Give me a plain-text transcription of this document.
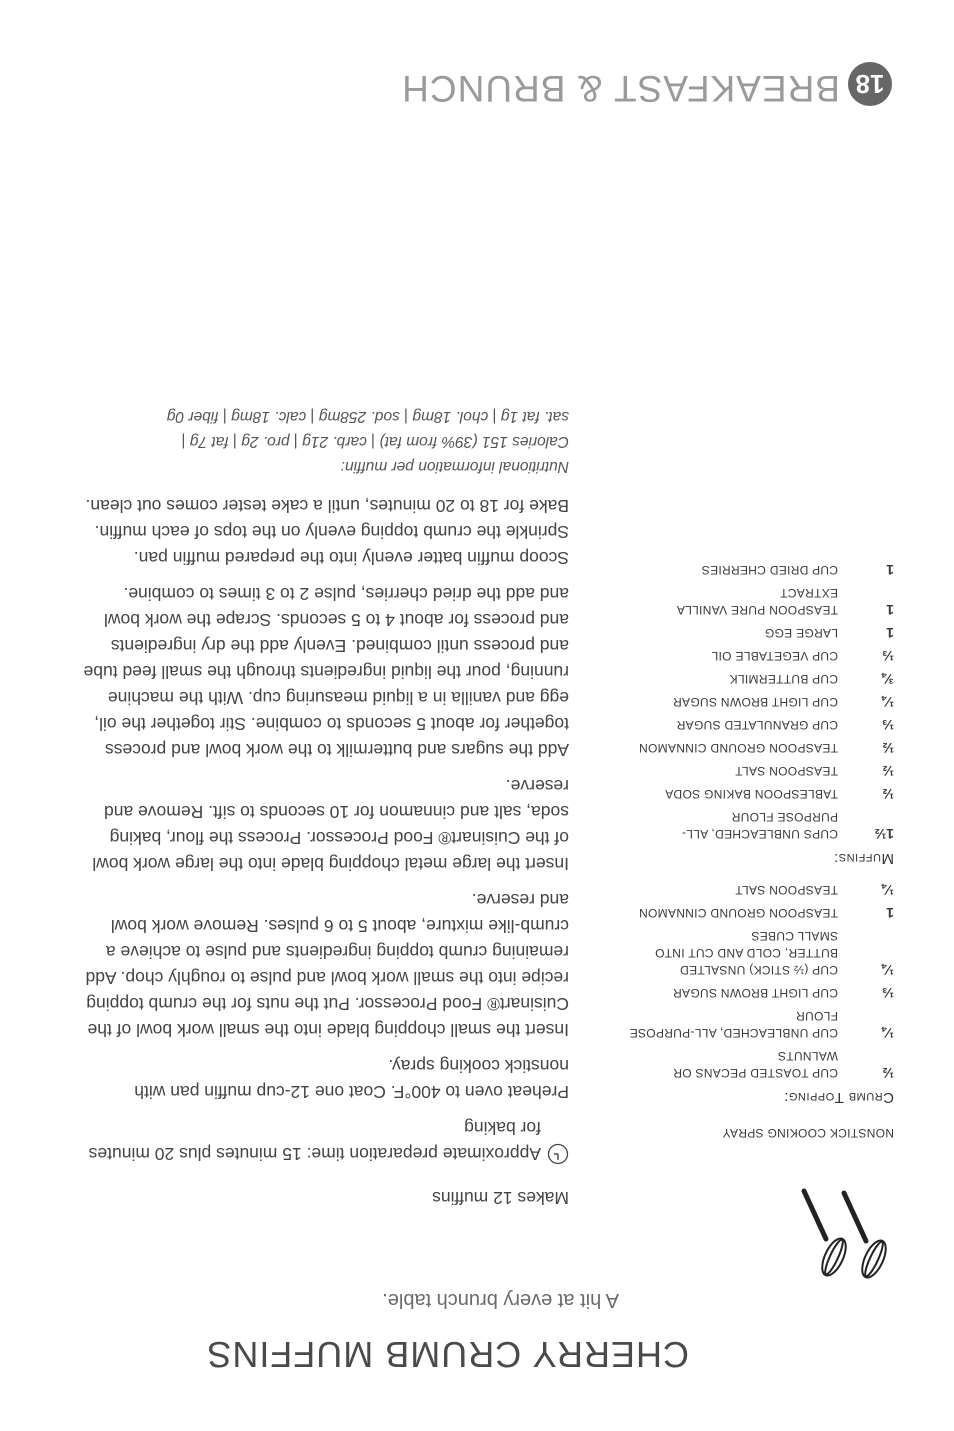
18
BREAKFAST & BRUNCH
NONSTICK COOKING SPRAY
Crumb Topping:
½
CUP TOASTED PECANS OR WALNUTS
¼
CUP UNBLEACHED, ALL-PURPOSE FLOUR
⅓
CUP LIGHT BROWN SUGAR
¼
CUP (½ STICK) UNSALTED BUTTER, COLD AND CUT INTO SMALL CUBES
1
TEASPOON GROUND CINNAMON
¼
TEASPOON SALT
Muffins:
1½
CUPS UNBLEACHED, ALL-PURPOSE FLOUR
½
TABLESPOON BAKING SODA
½
TEASPOON SALT
½
TEASPOON GROUND CINNAMON
⅓
CUP GRANULATED SUGAR
¼
CUP LIGHT BROWN SUGAR
¾
CUP BUTTERMILK
⅓
CUP VEGETABLE OIL
1
LARGE EGG
1
TEASPOON PURE VANILLA EXTRACT
1
CUP DRIED CHERRIES

Makes 12 muffins

Approximate preparation time: 15 minutes plus 20 minutes for baking

Preheat oven to 400°F. Coat one 12-cup muffin pan with nonstick cooking spray.

Insert the small chopping blade into the small work bowl of the Cuisinart® Food Processor. Put the nuts for the crumb topping recipe into the small work bowl and pulse to roughly chop. Add remaining crumb topping ingredients and pulse to achieve a crumb-like mixture, about 5 to 6 pulses. Remove work bowl and reserve.

Insert the large metal chopping blade into the large work bowl of the Cuisinart® Food Processor. Process the flour, baking soda, salt and cinnamon for 10 seconds to sift. Remove and reserve.

Add the sugars and buttermilk to the work bowl and process together for about 5 seconds to combine. Stir together the oil, egg and vanilla in a liquid measuring cup. With the machine running, pour the liquid ingredients through the small feed tube and process until combined. Evenly add the dry ingredients and process for about 4 to 5 seconds. Scrape the work bowl and add the dried cherries, pulse 2 to 3 times to combine.

Scoop muffin batter evenly into the prepared muffin pan. Sprinkle the crumb topping evenly on the tops of each muffin. Bake for 18 to 20 minutes, until a cake tester comes out clean.

Nutritional information per muffin:
Calories 151 (39% from fat) | carb. 21g | pro. 2g | fat 7g |
sat. fat 1g | chol. 18mg | sod. 258mg | calc. 18mg | fiber 0g
A hit at every brunch table.
CHERRY CRUMB MUFFINS
